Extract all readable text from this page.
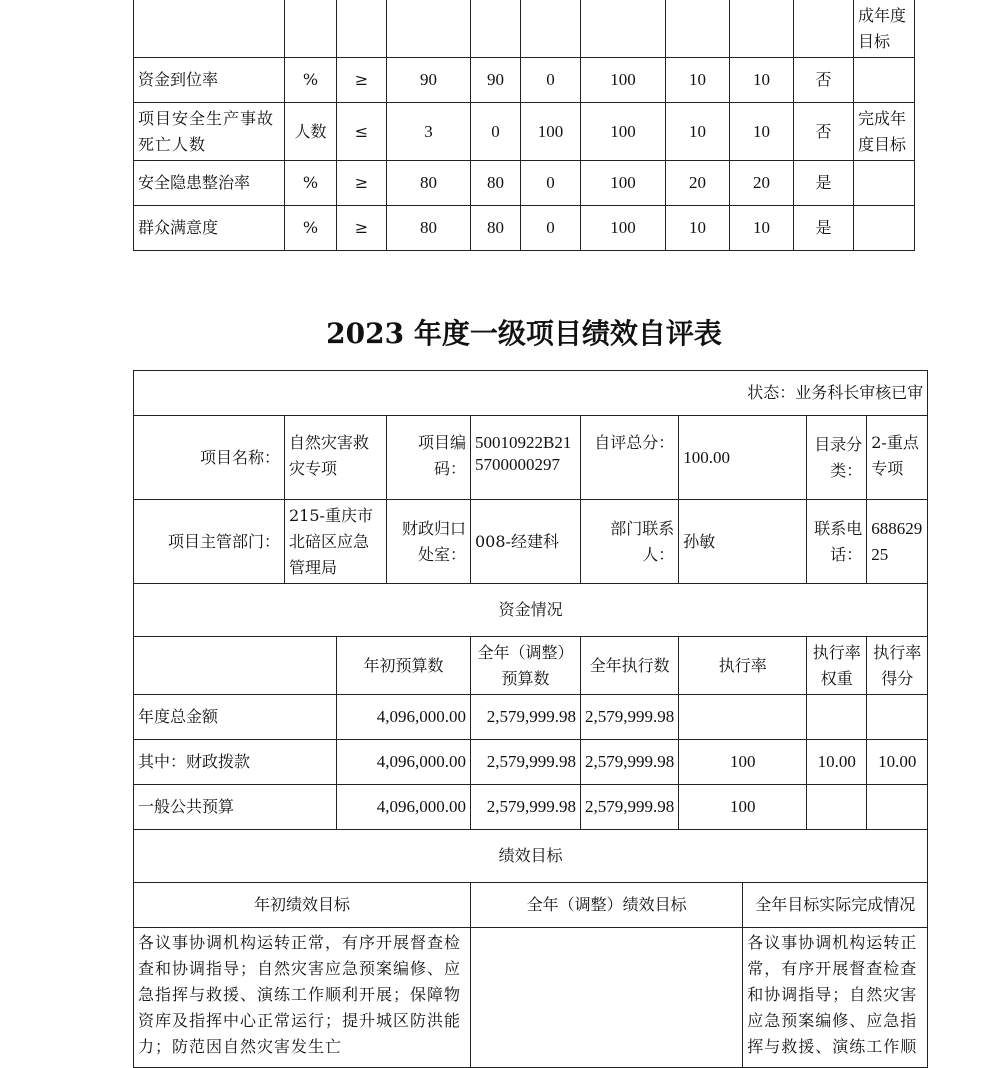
										成年度目标
资金到位率	%	≥	90	90	0	100	10	10	否	
项目安全生产事故死亡人数	人数	≤	3	0	100	100	10	10	否	完成年度目标
安全隐患整治率	%	≥	80	80	0	100	20	20	是	
群众满意度	%	≥	80	80	0	100	10	10	是	
2023 年度一级项目绩效自评表
状态：业务科长审核已审									
项目名称：	自然灾害救灾专项		项目编码：	50010922B215700000297	自评总分：	100.00		目录分类：	2-重点专项
项目主管部门：	215-重庆市北碚区应急管理局		财政归口处室：	008-经建科	部门联系人：	孙敏		联系电话：	68862925
资金情况									
		年初预算数		全年（调整）预算数	全年执行数	执行率		执行率权重	执行率得分
年度总金额		4,096,000.00		2,579,999.98	2,579,999.98				
其中：财政拨款		4,096,000.00		2,579,999.98	2,579,999.98	100		10.00	10.00
一般公共预算		4,096,000.00		2,579,999.98	2,579,999.98	100			
绩效目标									
年初绩效目标				全年（调整）绩效目标			全年目标实际完成情况		
各议事协调机构运转正常，有序开展督查检查和协调指导；自然灾害应急预案编修、应急指挥与救援、演练工作顺利开展；保障物资库及指挥中心正常运行；提升城区防洪能力；防范因自然灾害发生亡							各议事协调机构运转正常，有序开展督查检查和协调指导；自然灾害应急预案编修、应急指挥与救援、演练工作顺		
